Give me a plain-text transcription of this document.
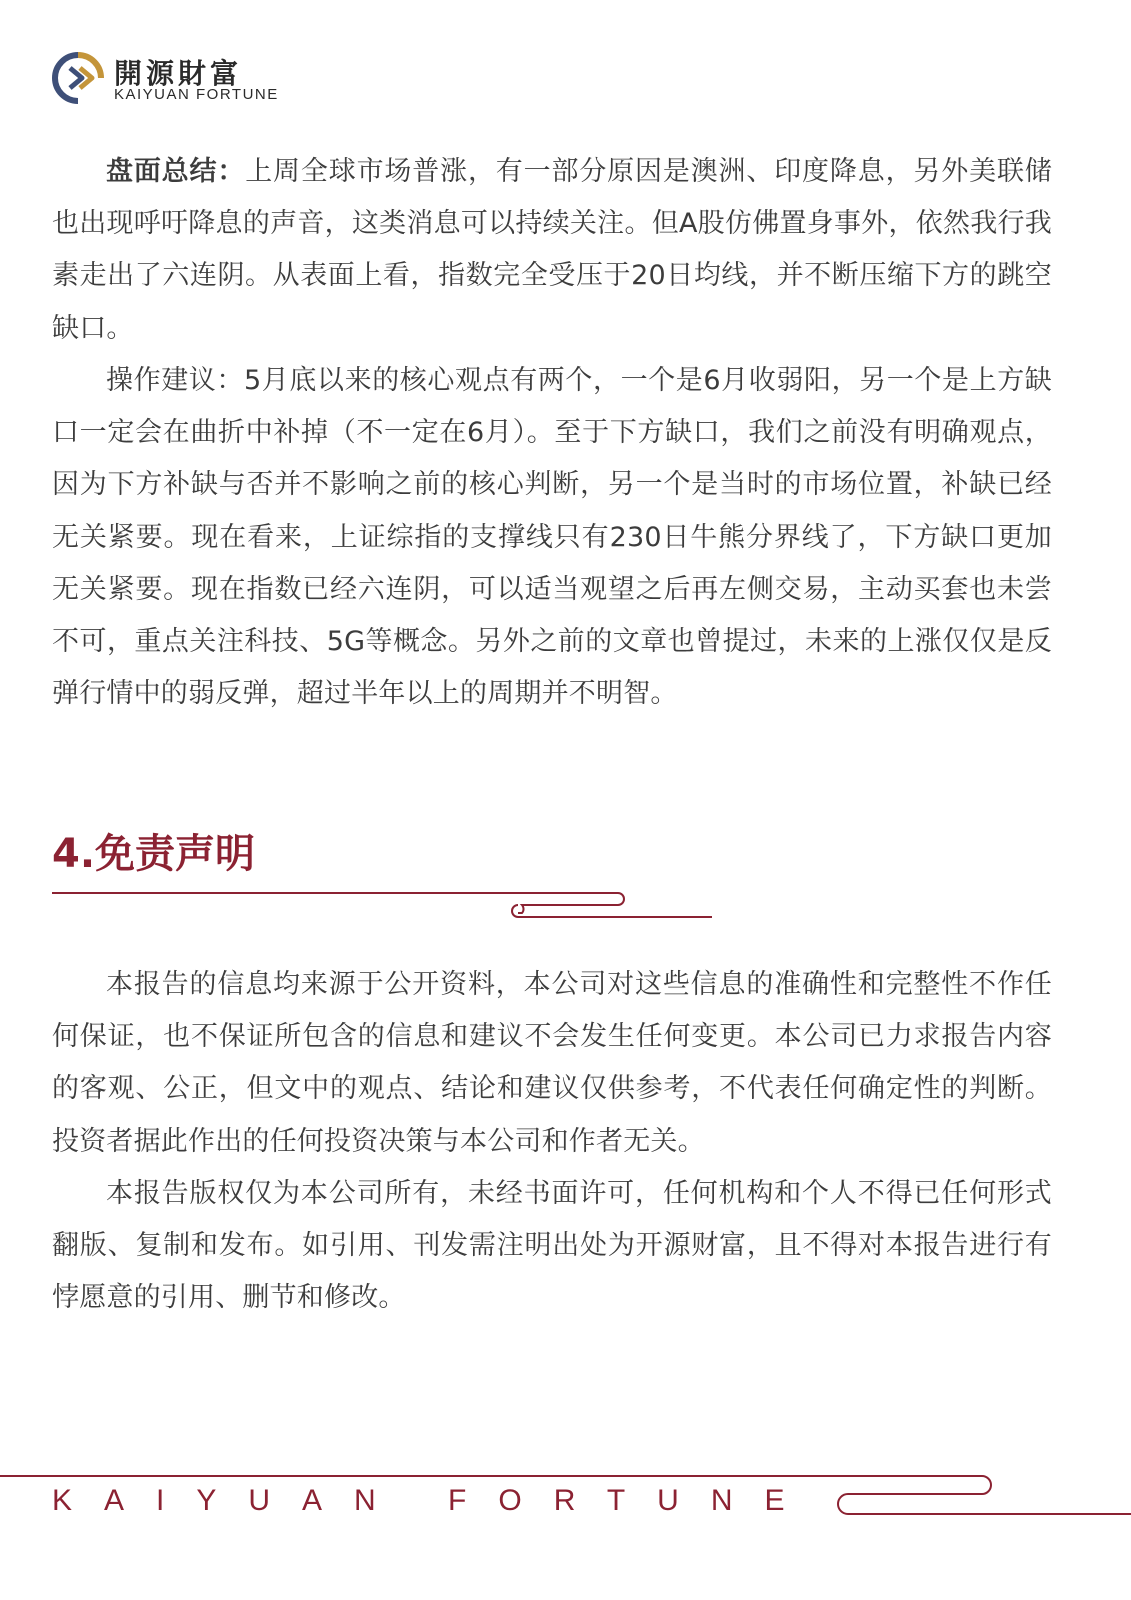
開源財富
KAIYUAN FORTUNE

盘面总结：上周全球市场普涨，有一部分原因是澳洲、印度降息，另外美联储也出现呼吁降息的声音，这类消息可以持续关注。但A股仿佛置身事外，依然我行我素走出了六连阴。从表面上看，指数完全受压于20日均线，并不断压缩下方的跳空缺口。

操作建议：5月底以来的核心观点有两个，一个是6月收弱阳，另一个是上方缺口一定会在曲折中补掉（不一定在6月）。至于下方缺口，我们之前没有明确观点，因为下方补缺与否并不影响之前的核心判断，另一个是当时的市场位置，补缺已经无关紧要。现在看来，上证综指的支撑线只有230日牛熊分界线了，下方缺口更加无关紧要。现在指数已经六连阴，可以适当观望之后再左侧交易，主动买套也未尝不可，重点关注科技、5G等概念。另外之前的文章也曾提过，未来的上涨仅仅是反弹行情中的弱反弹，超过半年以上的周期并不明智。

4.免责声明

本报告的信息均来源于公开资料，本公司对这些信息的准确性和完整性不作任何保证，也不保证所包含的信息和建议不会发生任何变更。本公司已力求报告内容的客观、公正，但文中的观点、结论和建议仅供参考，不代表任何确定性的判断。投资者据此作出的任何投资决策与本公司和作者无关。

本报告版权仅为本公司所有，未经书面许可，任何机构和个人不得已任何形式翻版、复制和发布。如引用、刊发需注明出处为开源财富，且不得对本报告进行有悖愿意的引用、删节和修改。

KAIYUAN FORTUNE
